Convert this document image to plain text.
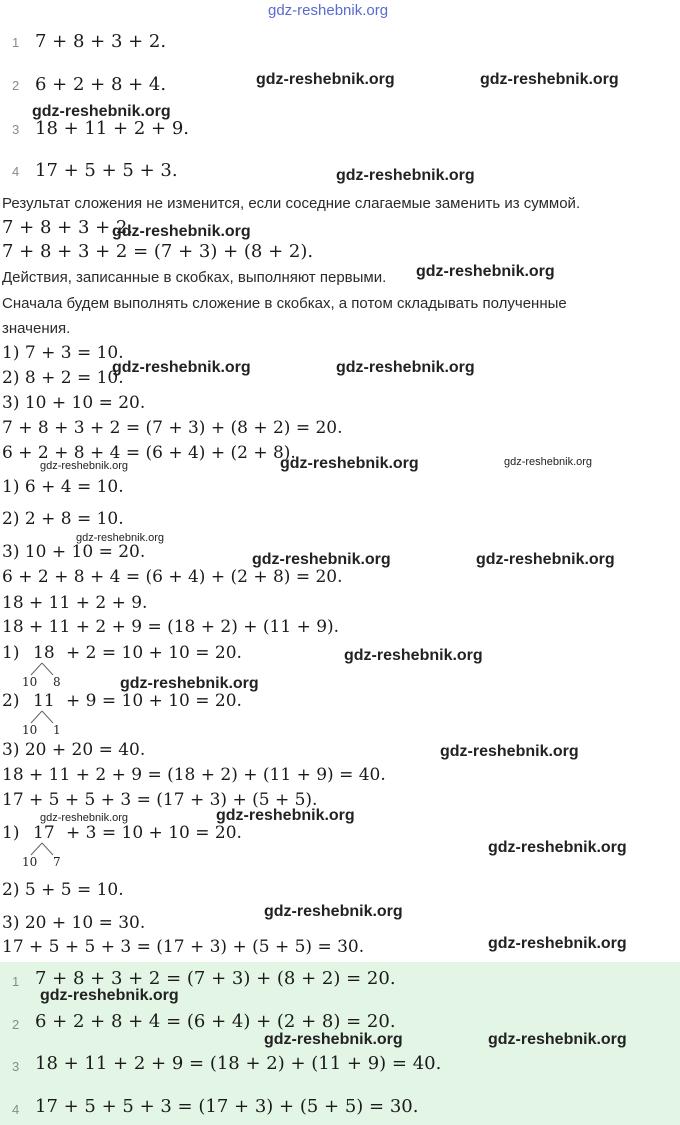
gdz-reshebnik.org
1 7 + 8 + 3 + 2.
2 6 + 2 + 8 + 4.
3 18 + 11 + 2 + 9.
4 17 + 5 + 5 + 3.
Результат сложения не изменится, если соседние слагаемые заменить из суммой.
7 + 8 + 3 + 2.
7 + 8 + 3 + 2 = (7 + 3) + (8 + 2).
Действия, записанные в скобках, выполняют первыми.
Сначала будем выполнять сложение в скобках, а потом складывать полученные
значения.
1) 7 + 3 = 10.
2) 8 + 2 = 10.
3) 10 + 10 = 20.
7 + 8 + 3 + 2 = (7 + 3) + (8 + 2) = 20.
6 + 2 + 8 + 4 = (6 + 4) + (2 + 8).
1) 6 + 4 = 10.
2) 2 + 8 = 10.
3) 10 + 10 = 20.
6 + 2 + 8 + 4 = (6 + 4) + (2 + 8) = 20.
18 + 11 + 2 + 9.
18 + 11 + 2 + 9 = (18 + 2) + (11 + 9).
1) 18 + 2 = 10 + 10 = 20.
10 8
2) 11 + 9 = 10 + 10 = 20.
10 1
3) 20 + 20 = 40.
18 + 11 + 2 + 9 = (18 + 2) + (11 + 9) = 40.
17 + 5 + 5 + 3 = (17 + 3) + (5 + 5).
1) 17 + 3 = 10 + 10 = 20.
10 7
2) 5 + 5 = 10.
3) 20 + 10 = 30.
17 + 5 + 5 + 3 = (17 + 3) + (5 + 5) = 30.
1 7 + 8 + 3 + 2 = (7 + 3) + (8 + 2) = 20.
2 6 + 2 + 8 + 4 = (6 + 4) + (2 + 8) = 20.
3 18 + 11 + 2 + 9 = (18 + 2) + (11 + 9) = 40.
4 17 + 5 + 5 + 3 = (17 + 3) + (5 + 5) = 30.
gdz-reshebnik.org	gdz-reshebnik.org
gdz-reshebnik.org
gdz-reshebnik.org
gdz-reshebnik.org
gdz-reshebnik.org
gdz-reshebnik.org	gdz-reshebnik.org
gdz-reshebnik.org
gdz-reshebnik.org	gdz-reshebnik.org
gdz-reshebnik.org
gdz-reshebnik.org	gdz-reshebnik.org
gdz-reshebnik.org
gdz-reshebnik.org
gdz-reshebnik.org
gdz-reshebnik.org	gdz-reshebnik.org
gdz-reshebnik.org
gdz-reshebnik.org
gdz-reshebnik.org
gdz-reshebnik.org
gdz-reshebnik.org	gdz-reshebnik.org
